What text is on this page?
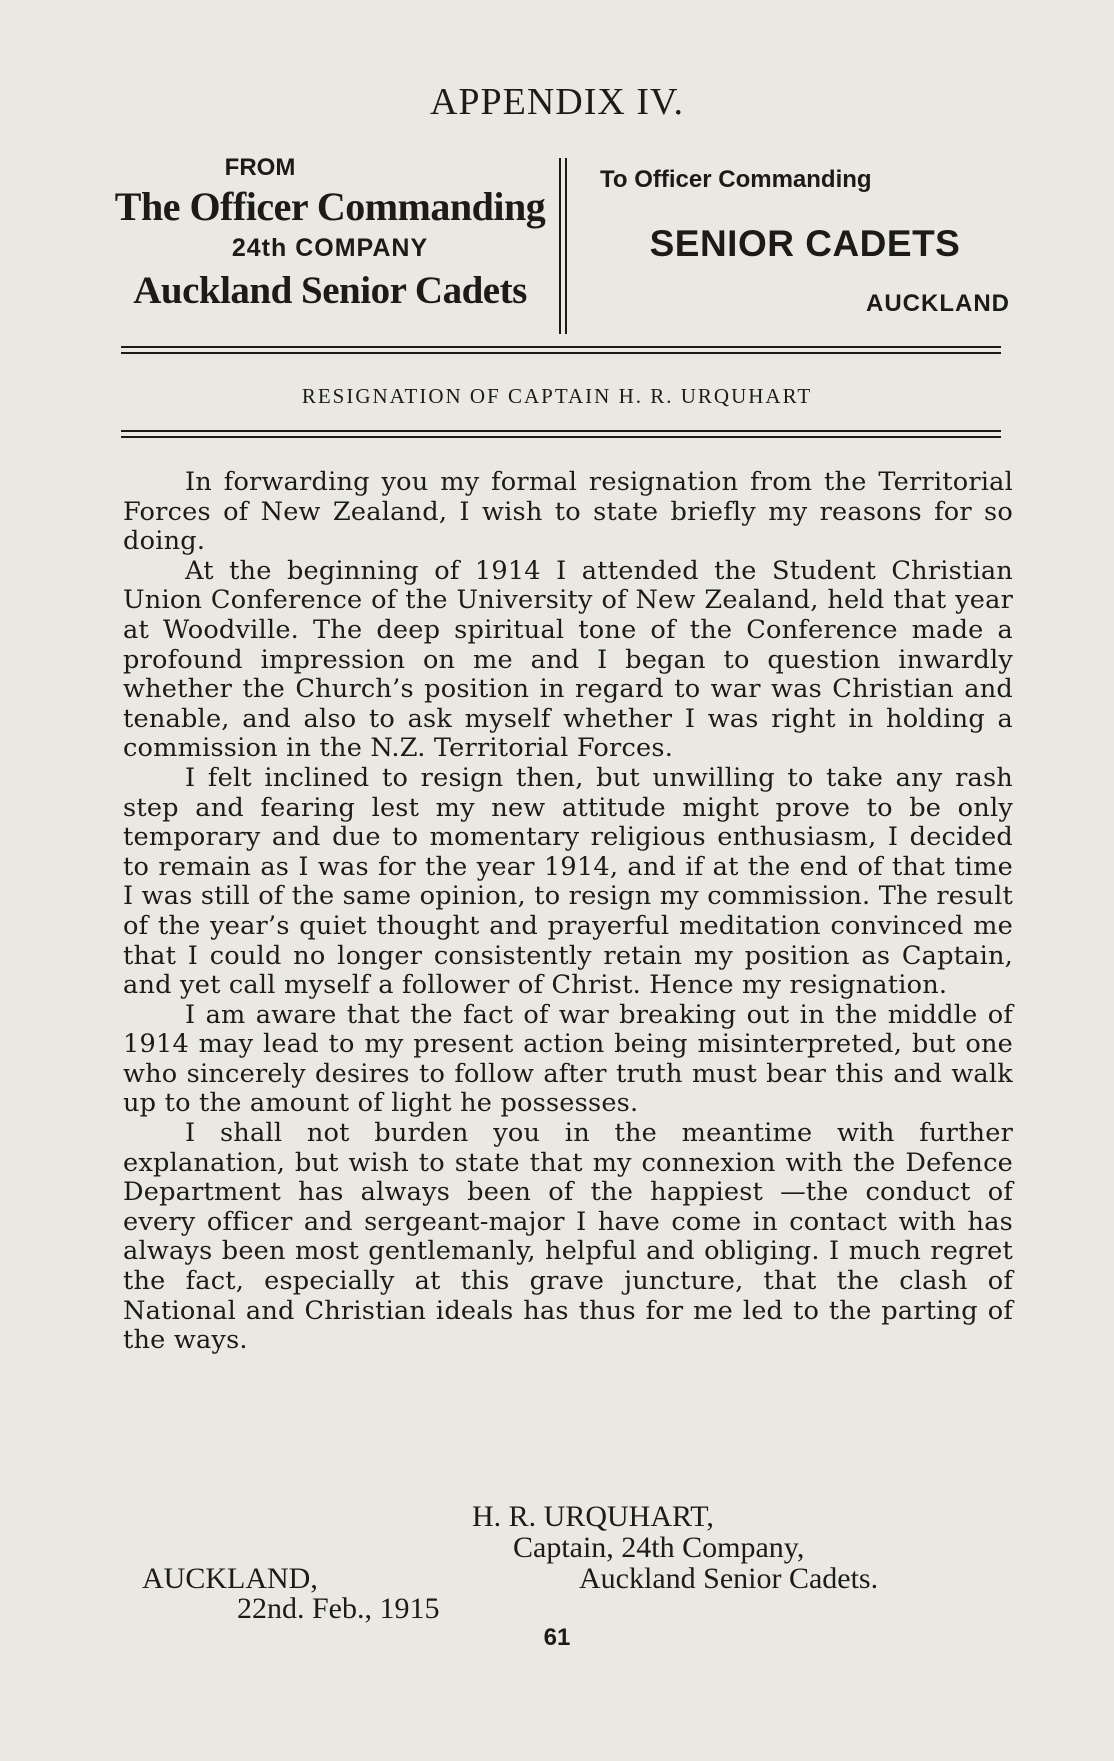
APPENDIX IV.
FROM
The Officer Commanding
24th COMPANY
Auckland Senior Cadets
To Officer Commanding
SENIOR CADETS
AUCKLAND
RESIGNATION OF CAPTAIN H. R. URQUHART

In forwarding you my formal resignation from the Territorial Forces of New Zealand, I wish to state briefly my reasons for so doing.

At the beginning of 1914 I attended the Student Christian Union Conference of the University of New Zealand, held that year at Woodville. The deep spiritual tone of the Conference made a profound impression on me and I began to question inwardly whether the Church’s position in regard to war was Christian and tenable, and also to ask myself whether I was right in holding a commission in the N.Z. Territorial Forces.

I felt inclined to resign then, but unwilling to take any rash step and fearing lest my new attitude might prove to be only temporary and due to momentary religious enthusiasm, I decided to remain as I was for the year 1914, and if at the end of that time I was still of the same opinion, to resign my commission. The result of the year’s quiet thought and prayerful meditation convinced me that I could no longer consistently retain my position as Captain, and yet call myself a follower of Christ. Hence my resignation.

I am aware that the fact of war breaking out in the middle of 1914 may lead to my present action being misinterpreted, but one who sincerely desires to follow after truth must bear this and walk up to the amount of light he possesses.

I shall not burden you in the meantime with further explanation, but wish to state that my connexion with the Defence Department has always been of the happiest —the conduct of every officer and sergeant-major I have come in contact with has always been most gentlemanly, helpful and obliging. I much regret the fact, especially at this grave juncture, that the clash of National and Christian ideals has thus for me led to the parting of the ways.

H. R. URQUHART,
Captain, 24th Company,
Auckland Senior Cadets.
AUCKLAND,
22nd. Feb., 1915
61
